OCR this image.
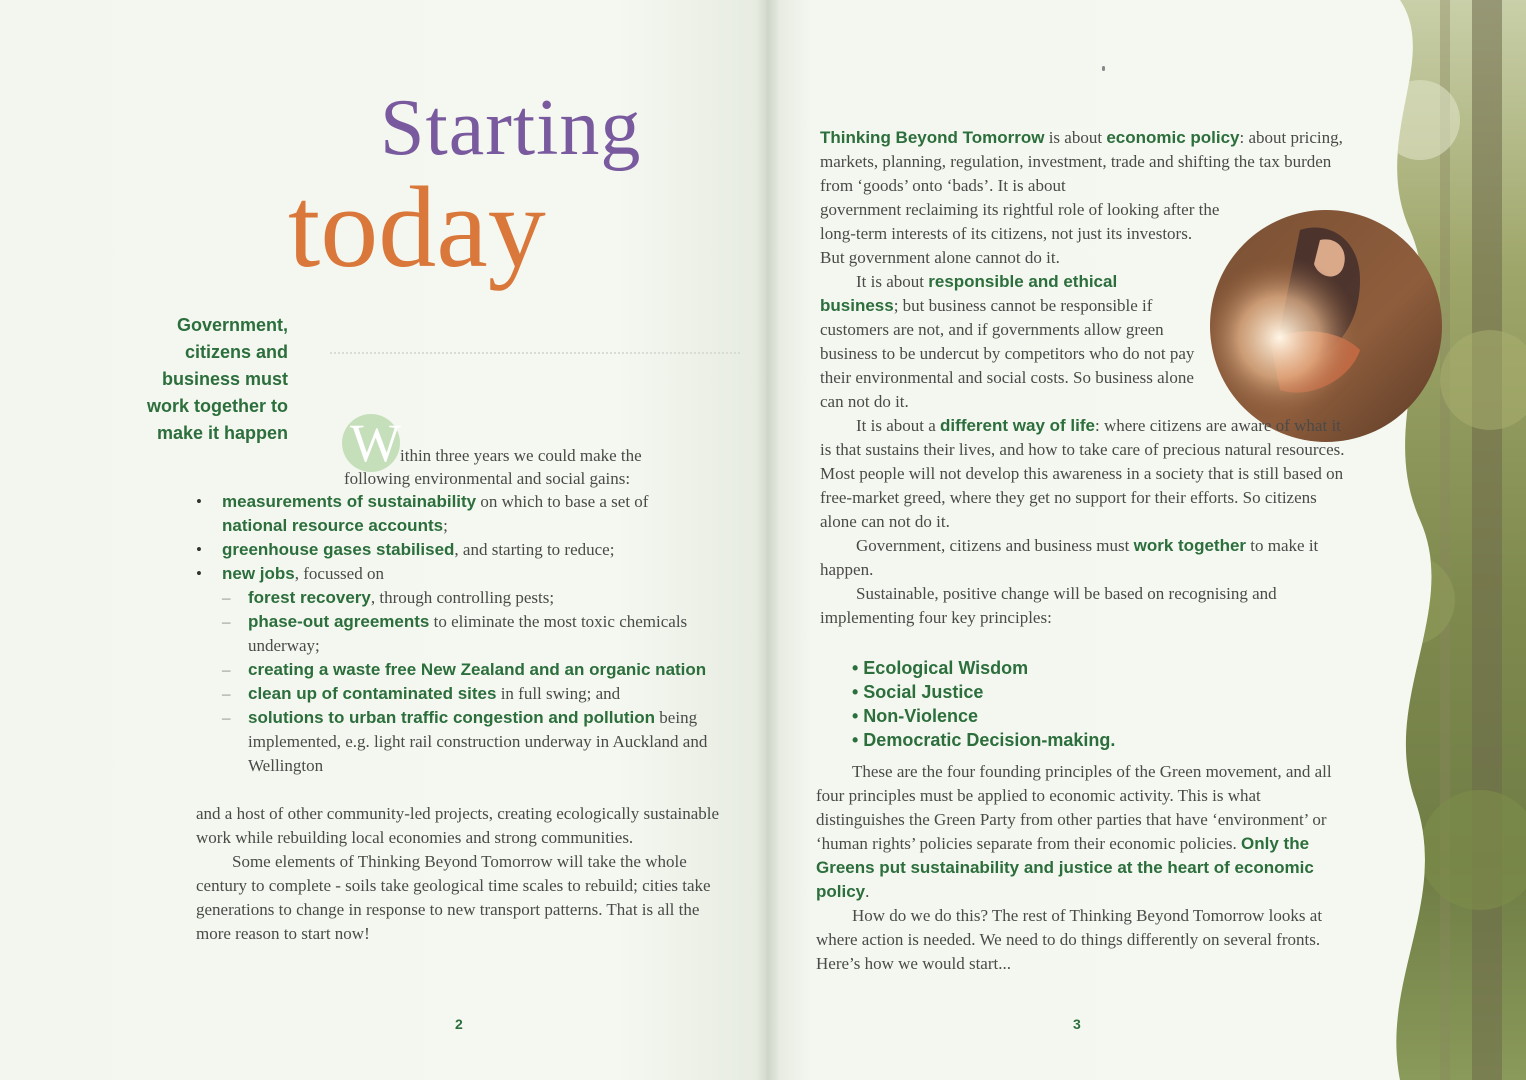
Starting
today
Government,
citizens and
business must
work together to
make it happen W ithin three years we could make the
following environmental and social gains:
• measurements of sustainability on which to base a set of
national resource accounts;
• greenhouse gases stabilised, and starting to reduce;
• new jobs, focussed on
– forest recovery, through controlling pests;
– phase-out agreements to eliminate the most toxic chemicals underway;
– creating a waste free New Zealand and an organic nation
– clean up of contaminated sites in full swing; and
– solutions to urban traffic congestion and pollution being implemented, e.g. light rail construction underway in Auckland and Wellington

and a host of other community-led projects, creating ecologically sustainable work while rebuilding local economies and strong communities.

Some elements of Thinking Beyond Tomorrow will take the whole century to complete - soils take geological time scales to rebuild; cities take generations to change in response to new transport patterns. That is all the more reason to start now!

2

Thinking Beyond Tomorrow is about economic policy: about pricing, markets, planning, regulation, investment, trade and shifting the tax burden from ‘goods’ onto ‘bads’. It is about

government reclaiming its rightful role of looking after the long-term interests of its citizens, not just its investors. But government alone cannot do it.

It is about responsible and ethical business; but business cannot be responsible if customers are not, and if governments allow green business to be undercut by competitors who do not pay their environmental and social costs. So business alone can not do it.

It is about a different way of life: where citizens are aware of what it is that sustains their lives, and how to take care of precious natural resources. Most people will not develop this awareness in a society that is still based on free-market greed, where they get no support for their efforts. So citizens alone can not do it.

Government, citizens and business must work together to make it happen.

Sustainable, positive change will be based on recognising and implementing four key principles:

• Ecological Wisdom
• Social Justice
• Non-Violence
• Democratic Decision-making.

These are the four founding principles of the Green movement, and all four principles must be applied to economic activity. This is what distinguishes the Green Party from other parties that have ‘environment’ or ‘human rights’ policies separate from their economic policies. Only the Greens put sustainability and justice at the heart of economic policy.

How do we do this? The rest of Thinking Beyond Tomorrow looks at where action is needed. We need to do things differently on several fronts. Here’s how we would start...

3
